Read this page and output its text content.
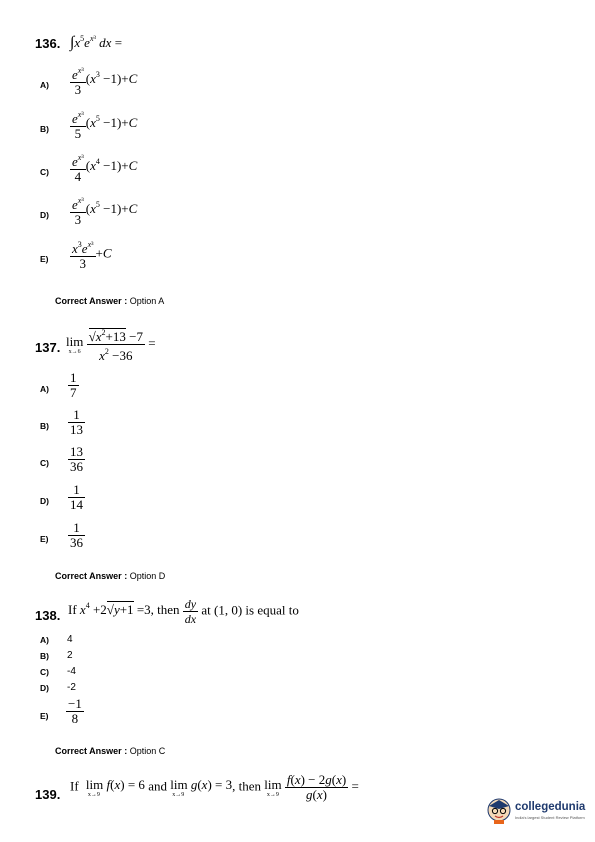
136. $\int x^5e^{x^3}$ dx =
$A) \frac{e^{x^3}}{3} (x^3 -1)+C$
$B) \frac{e^{x^3}}{5} (x^5 -1)+C$
$C) \frac{e^{x^3}}{4} (x^4 -1)+C$
$D) \frac{e^{x^3}}{3} (x^5 -1)+C$
$E) \frac{x^3e^{x^3}}{3} +C$
Correct Answer : Option A
137. lim
x→6
$\frac{√x^2+13 -7}{x^2 -36}$ =
$A) \frac{1}{7}$
$B) \frac{1}{13}$
$C) \frac{13}{36}$
$D) \frac{1}{14}$
$E) \frac{1}{36}$
Correct Answer : Option D
138. If $x^4 +2√y+1 =3$, then $\frac{dy}{dx}$ at (1, 0) is equal to
A) 4
B) 2
C) -4
D) -2
$E) \frac{-1}{8}$
Correct Answer : Option C
139.
If lim f(x) = 6
x→9
and lim g(x) = 3
x→9
, then lim
x→9
$\frac{f(x) - 2g(x)}{g(x)}$ =
collegedunia
India's largest Student Review Platform
